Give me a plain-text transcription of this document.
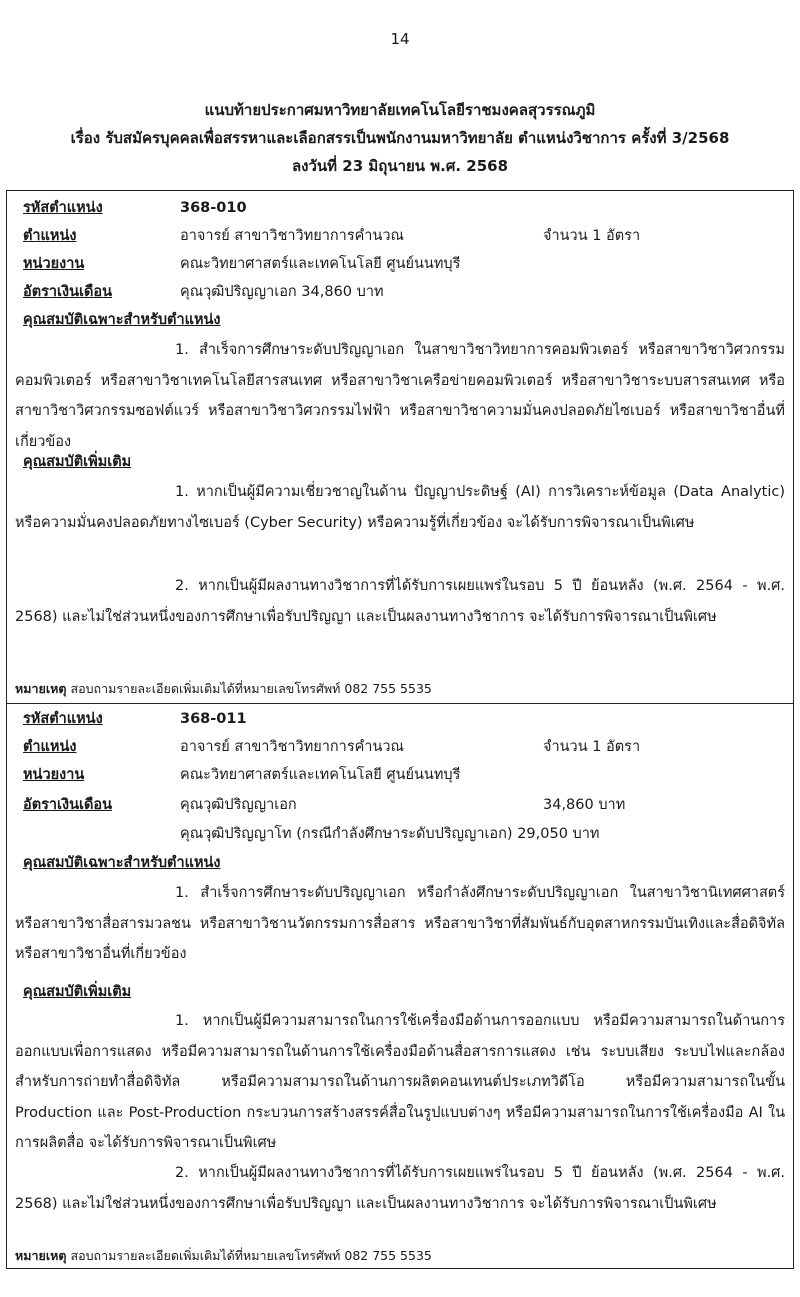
14
แนบท้ายประกาศมหาวิทยาลัยเทคโนโลยีราชมงคลสุวรรณภูมิ
เรื่อง รับสมัครบุคคลเพื่อสรรหาและเลือกสรรเป็นพนักงานมหาวิทยาลัย ตำแหน่งวิชาการ ครั้งที่ 3/2568
ลงวันที่ 23 มิถุนายน พ.ศ. 2568
รหัสตำแหน่ง	368-010
ตำแหน่ง	อาจารย์ สาขาวิชาวิทยาการคำนวณ	จำนวน 1 อัตรา
หน่วยงาน	คณะวิทยาศาสตร์และเทคโนโลยี ศูนย์นนทบุรี
อัตราเงินเดือน	คุณวุฒิปริญญาเอก 34,860 บาท
คุณสมบัติเฉพาะสำหรับตำแหน่ง
1. สำเร็จการศึกษาระดับปริญญาเอก ในสาขาวิชาวิทยาการคอมพิวเตอร์ หรือสาขาวิชาวิศวกรรมคอมพิวเตอร์ หรือสาขาวิชาเทคโนโลยีสารสนเทศ หรือสาขาวิชาเครือข่ายคอมพิวเตอร์ หรือสาขาวิชาระบบสารสนเทศ หรือสาขาวิชาวิศวกรรมซอฟต์แวร์ หรือสาขาวิชาวิศวกรรมไฟฟ้า หรือสาขาวิชาความมั่นคงปลอดภัยไซเบอร์ หรือสาขาวิชาอื่นที่เกี่ยวข้อง
คุณสมบัติเพิ่มเติม
1. หากเป็นผู้มีความเชี่ยวชาญในด้าน ปัญญาประดิษฐ์ (AI) การวิเคราะห์ข้อมูล (Data Analytic) หรือความมั่นคงปลอดภัยทางไซเบอร์ (Cyber Security) หรือความรู้ที่เกี่ยวข้อง จะได้รับการพิจารณาเป็นพิเศษ
2. หากเป็นผู้มีผลงานทางวิชาการที่ได้รับการเผยแพร่ในรอบ 5 ปี ย้อนหลัง (พ.ศ. 2564 - พ.ศ. 2568) และไม่ใช่ส่วนหนึ่งของการศึกษาเพื่อรับปริญญา และเป็นผลงานทางวิชาการ จะได้รับการพิจารณาเป็นพิเศษ
หมายเหตุ สอบถามรายละเอียดเพิ่มเติมได้ที่หมายเลขโทรศัพท์ 082 755 5535
รหัสตำแหน่ง	368-011
ตำแหน่ง	อาจารย์ สาขาวิชาวิทยาการคำนวณ	จำนวน 1 อัตรา
หน่วยงาน	คณะวิทยาศาสตร์และเทคโนโลยี ศูนย์นนทบุรี
อัตราเงินเดือน	คุณวุฒิปริญญาเอก	34,860 บาท
คุณวุฒิปริญญาโท (กรณีกำลังศึกษาระดับปริญญาเอก) 29,050 บาท
คุณสมบัติเฉพาะสำหรับตำแหน่ง
1. สำเร็จการศึกษาระดับปริญญาเอก หรือกำลังศึกษาระดับปริญญาเอก ในสาขาวิชานิเทศศาสตร์ หรือสาขาวิชาสื่อสารมวลชน หรือสาขาวิชานวัตกรรมการสื่อสาร หรือสาขาวิชาที่สัมพันธ์กับอุตสาหกรรมบันเทิงและสื่อดิจิทัล หรือสาขาวิชาอื่นที่เกี่ยวข้อง
คุณสมบัติเพิ่มเติม
1. หากเป็นผู้มีความสามารถในการใช้เครื่องมือด้านการออกแบบ หรือมีความสามารถในด้านการออกแบบเพื่อการแสดง หรือมีความสามารถในด้านการใช้เครื่องมือด้านสื่อสารการแสดง เช่น ระบบเสียง ระบบไฟและกล้องสำหรับการถ่ายทำสื่อดิจิทัล หรือมีความสามารถในด้านการผลิตคอนเทนต์ประเภทวิดีโอ หรือมีความสามารถในขั้น Production และ Post-Production กระบวนการสร้างสรรค์สื่อในรูปแบบต่างๆ หรือมีความสามารถในการใช้เครื่องมือ AI ในการผลิตสื่อ จะได้รับการพิจารณาเป็นพิเศษ
2. หากเป็นผู้มีผลงานทางวิชาการที่ได้รับการเผยแพร่ในรอบ 5 ปี ย้อนหลัง (พ.ศ. 2564 - พ.ศ. 2568) และไม่ใช่ส่วนหนึ่งของการศึกษาเพื่อรับปริญญา และเป็นผลงานทางวิชาการ จะได้รับการพิจารณาเป็นพิเศษ
หมายเหตุ สอบถามรายละเอียดเพิ่มเติมได้ที่หมายเลขโทรศัพท์ 082 755 5535
